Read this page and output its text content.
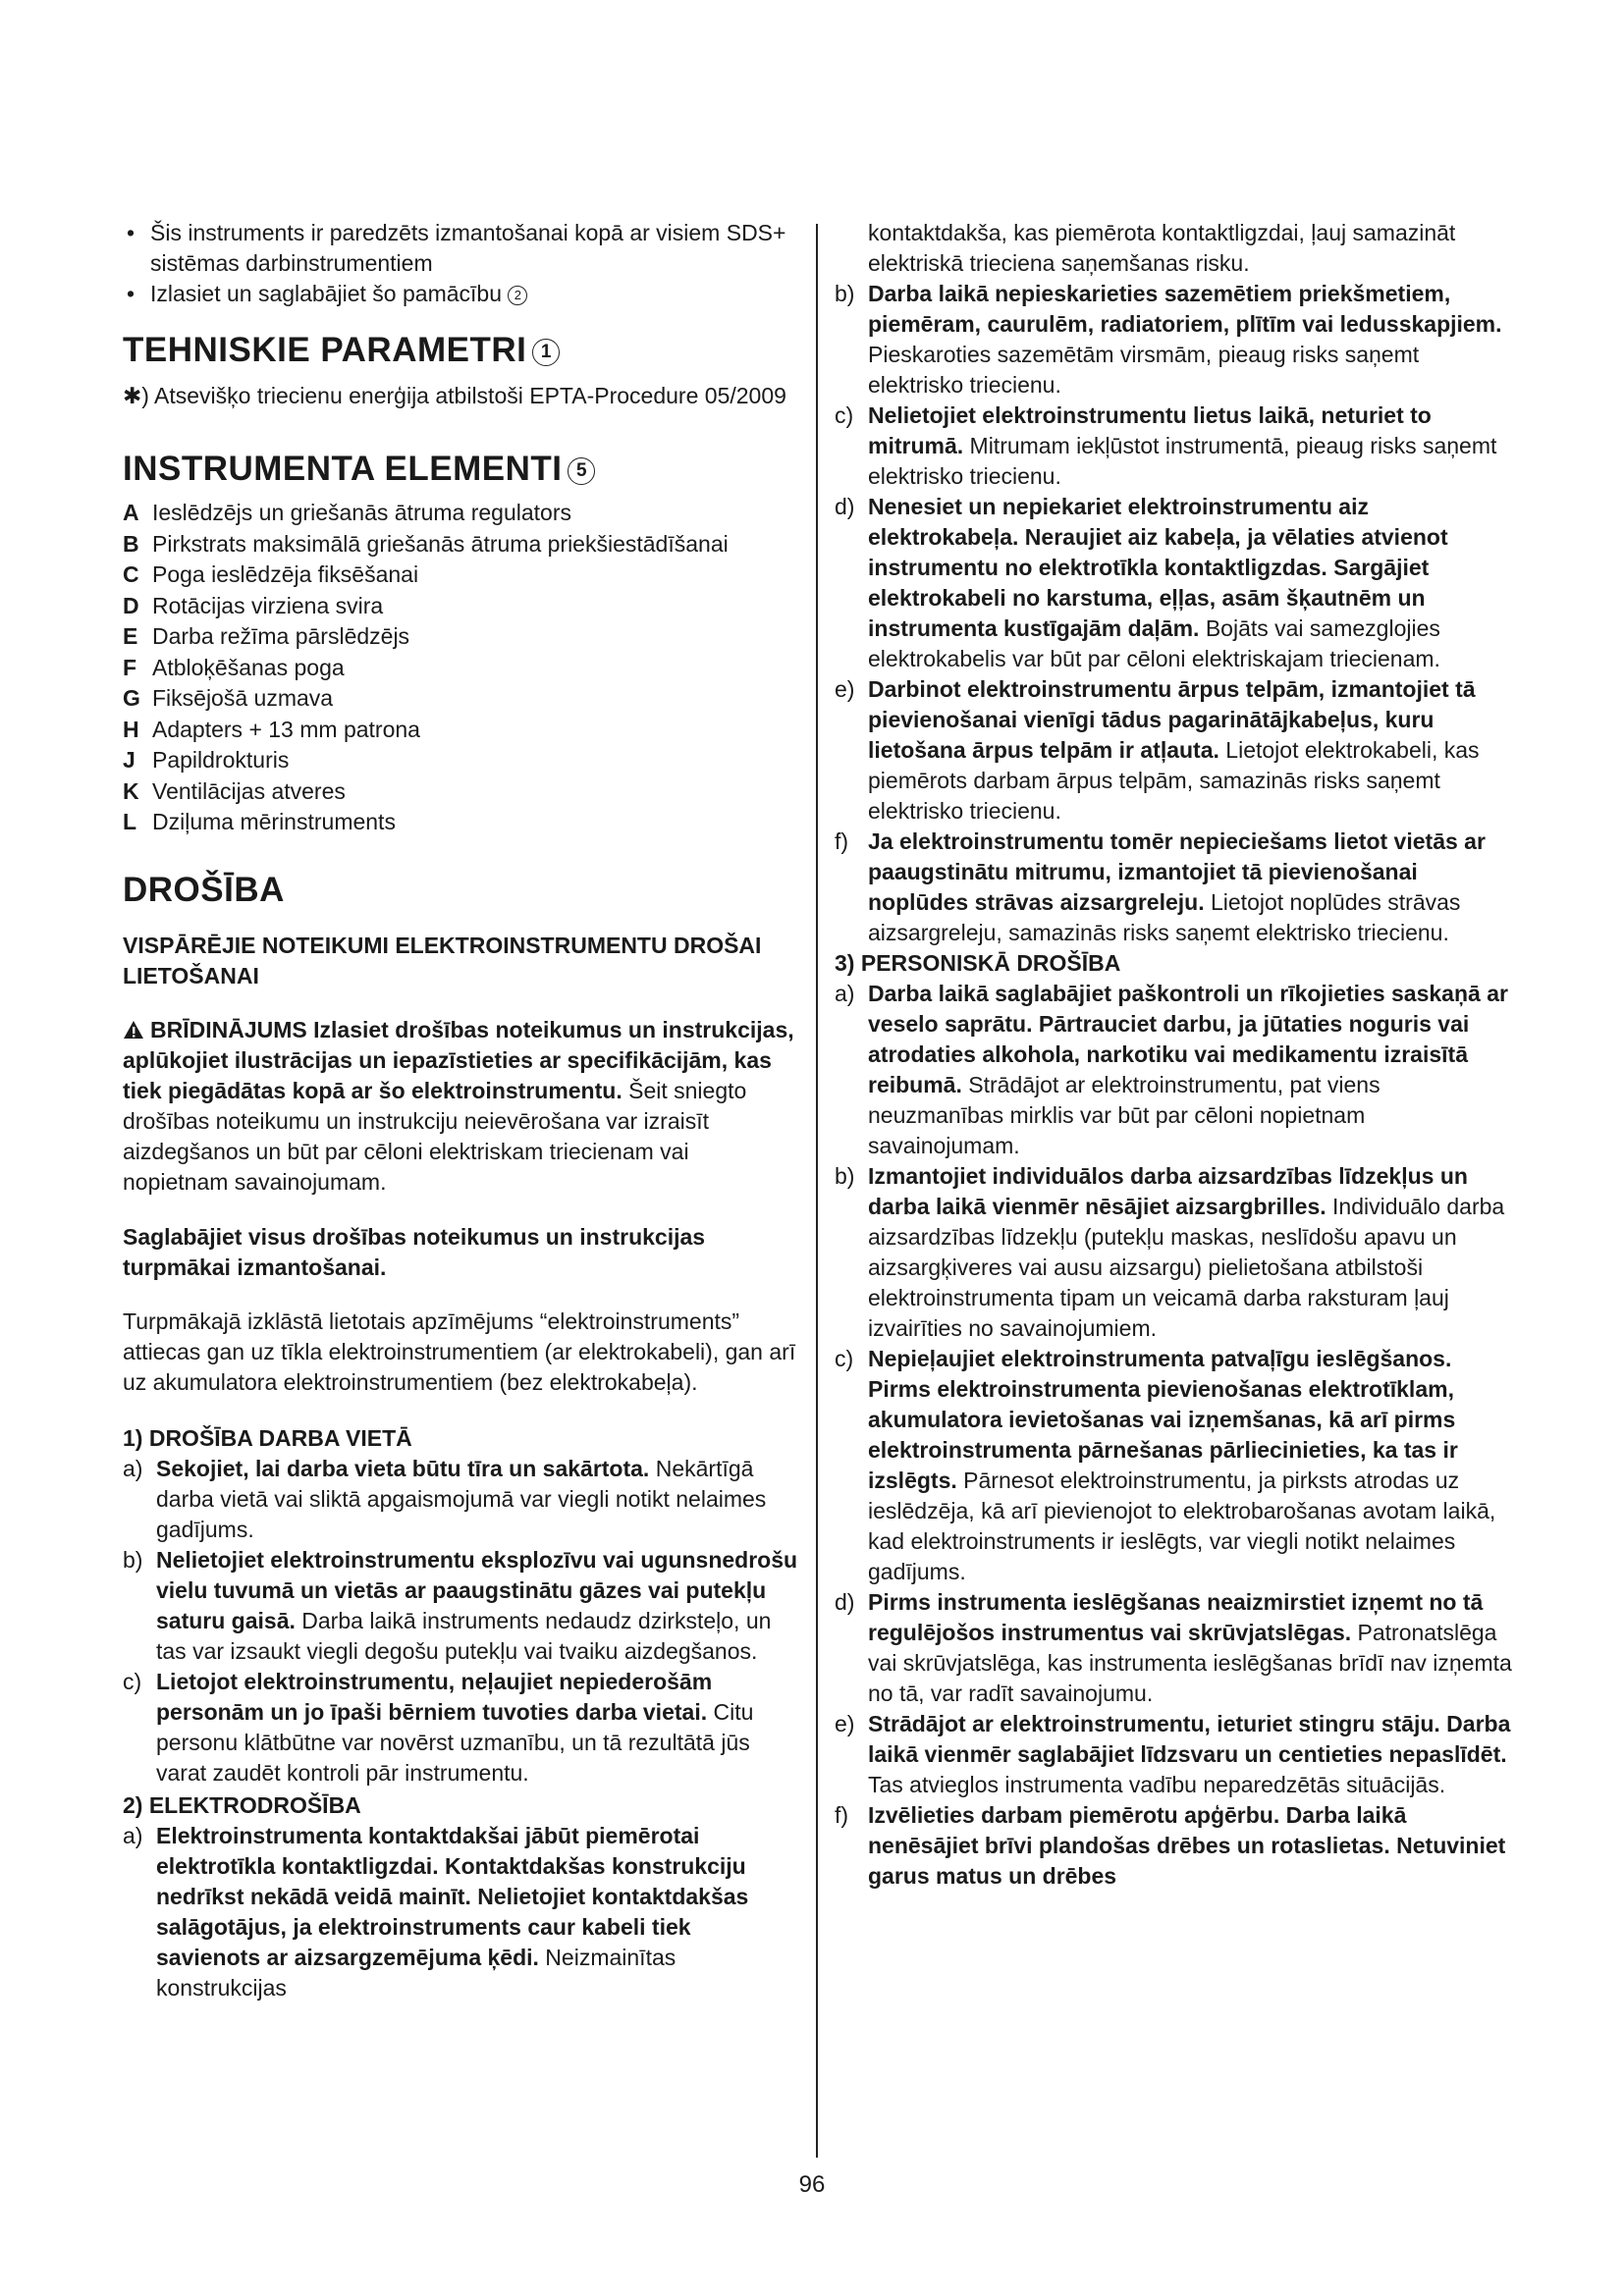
• Šis instruments ir paredzēts izmantošanai kopā ar visiem SDS+ sistēmas darbinstrumentiem
• Izlasiet un saglabājiet šo pamācību 2
TEHNISKIE PARAMETRI 1
✱) Atsevišķo triecienu enerģija atbilstoši EPTA-Procedure 05/2009
INSTRUMENTA ELEMENTI 5
A Ieslēdzējs un griešanās ātruma regulators
B Pirkstrats maksimālā griešanās ātruma priekšiestādīšanai
C Poga ieslēdzēja fiksēšanai
D Rotācijas virziena svira
E Darba režīma pārslēdzējs
F Atbloķēšanas poga
G Fiksējošā uzmava
H Adapters + 13 mm patrona
J Papildrokturis
K Ventilācijas atveres
L Dziļuma mērinstruments
DROŠĪBA

VISPĀRĒJIE NOTEIKUMI ELEKTROINSTRUMENTU DROŠAI LIETOŠANAI

BRĪDINĀJUMS Izlasiet drošības noteikumus un instrukcijas, aplūkojiet ilustrācijas un iepazīstieties ar specifikācijām, kas tiek piegādātas kopā ar šo elektroinstrumentu. Šeit sniegto drošības noteikumu un instrukciju neievērošana var izraisīt aizdegšanos un būt par cēloni elektriskam triecienam vai nopietnam savainojumam.

Saglabājiet visus drošības noteikumus un instrukcijas turpmākai izmantošanai.

Turpmākajā izklāstā lietotais apzīmējums “elektroinstruments” attiecas gan uz tīkla elektroinstrumentiem (ar elektrokabeli), gan arī uz akumulatora elektroinstrumentiem (bez elektrokabeļa).

1) DROŠĪBA DARBA VIETĀ

a) Sekojiet, lai darba vieta būtu tīra un sakārtota. Nekārtīgā darba vietā vai sliktā apgaismojumā var viegli notikt nelaimes gadījums.
b) Nelietojiet elektroinstrumentu eksplozīvu vai ugunsnedrošu vielu tuvumā un vietās ar paaugstinātu gāzes vai putekļu saturu gaisā. Darba laikā instruments nedaudz dzirksteļo, un tas var izsaukt viegli degošu putekļu vai tvaiku aizdegšanos.
c) Lietojot elektroinstrumentu, neļaujiet nepiederošām personām un jo īpaši bērniem tuvoties darba vietai. Citu personu klātbūtne var novērst uzmanību, un tā rezultātā jūs varat zaudēt kontroli pār instrumentu.

2) ELEKTRODROŠĪBA

a) Elektroinstrumenta kontaktdakšai jābūt piemērotai elektrotīkla kontaktligzdai. Kontaktdakšas konstrukciju nedrīkst nekādā veidā mainīt. Nelietojiet kontaktdakšas salāgotājus, ja elektroinstruments caur kabeli tiek savienots ar aizsargzemējuma ķēdi. Neizmainītas konstrukcijas
kontaktdakša, kas piemērota kontaktligzdai, ļauj samazināt elektriskā trieciena saņemšanas risku.
b) Darba laikā nepieskarieties sazemētiem priekšmetiem, piemēram, caurulēm, radiatoriem, plītīm vai ledusskapjiem. Pieskaroties sazemētām virsmām, pieaug risks saņemt elektrisko triecienu.
c) Nelietojiet elektroinstrumentu lietus laikā, neturiet to mitrumā. Mitrumam iekļūstot instrumentā, pieaug risks saņemt elektrisko triecienu.
d) Nenesiet un nepiekariet elektroinstrumentu aiz elektrokabeļa. Neraujiet aiz kabeļa, ja vēlaties atvienot instrumentu no elektrotīkla kontaktligzdas. Sargājiet elektrokabeli no karstuma, eļļas, asām šķautnēm un instrumenta kustīgajām daļām. Bojāts vai samezglojies elektrokabelis var būt par cēloni elektriskajam triecienam.
e) Darbinot elektroinstrumentu ārpus telpām, izmantojiet tā pievienošanai vienīgi tādus pagarinātājkabeļus, kuru lietošana ārpus telpām ir atļauta. Lietojot elektrokabeli, kas piemērots darbam ārpus telpām, samazinās risks saņemt elektrisko triecienu.
f) Ja elektroinstrumentu tomēr nepieciešams lietot vietās ar paaugstinātu mitrumu, izmantojiet tā pievienošanai noplūdes strāvas aizsargreleju. Lietojot noplūdes strāvas aizsargreleju, samazinās risks saņemt elektrisko triecienu.

3) PERSONISKĀ DROŠĪBA

a) Darba laikā saglabājiet paškontroli un rīkojieties saskaņā ar veselo saprātu. Pārtrauciet darbu, ja jūtaties noguris vai atrodaties alkohola, narkotiku vai medikamentu izraisītā reibumā. Strādājot ar elektroinstrumentu, pat viens neuzmanības mirklis var būt par cēloni nopietnam savainojumam.
b) Izmantojiet individuālos darba aizsardzības līdzekļus un darba laikā vienmēr nēsājiet aizsargbrilles. Individuālo darba aizsardzības līdzekļu (putekļu maskas, neslīdošu apavu un aizsargķiveres vai ausu aizsargu) pielietošana atbilstoši elektroinstrumenta tipam un veicamā darba raksturam ļauj izvairīties no savainojumiem.
c) Nepieļaujiet elektroinstrumenta patvaļīgu ieslēgšanos. Pirms elektroinstrumenta pievienošanas elektrotīklam, akumulatora ievietošanas vai izņemšanas, kā arī pirms elektroinstrumenta pārnešanas pārliecinieties, ka tas ir izslēgts. Pārnesot elektroinstrumentu, ja pirksts atrodas uz ieslēdzēja, kā arī pievienojot to elektrobarošanas avotam laikā, kad elektroinstruments ir ieslēgts, var viegli notikt nelaimes gadījums.
d) Pirms instrumenta ieslēgšanas neaizmirstiet izņemt no tā regulējošos instrumentus vai skrūvjatslēgas. Patronatslēga vai skrūvjatslēga, kas instrumenta ieslēgšanas brīdī nav izņemta no tā, var radīt savainojumu.
e) Strādājot ar elektroinstrumentu, ieturiet stingru stāju. Darba laikā vienmēr saglabājiet līdzsvaru un centieties nepaslīdēt. Tas atvieglos instrumenta vadību neparedzētās situācijās.
f) Izvēlieties darbam piemērotu apģērbu. Darba laikā nenēsājiet brīvi plandošas drēbes un rotaslietas. Netuviniet garus matus un drēbes
96
